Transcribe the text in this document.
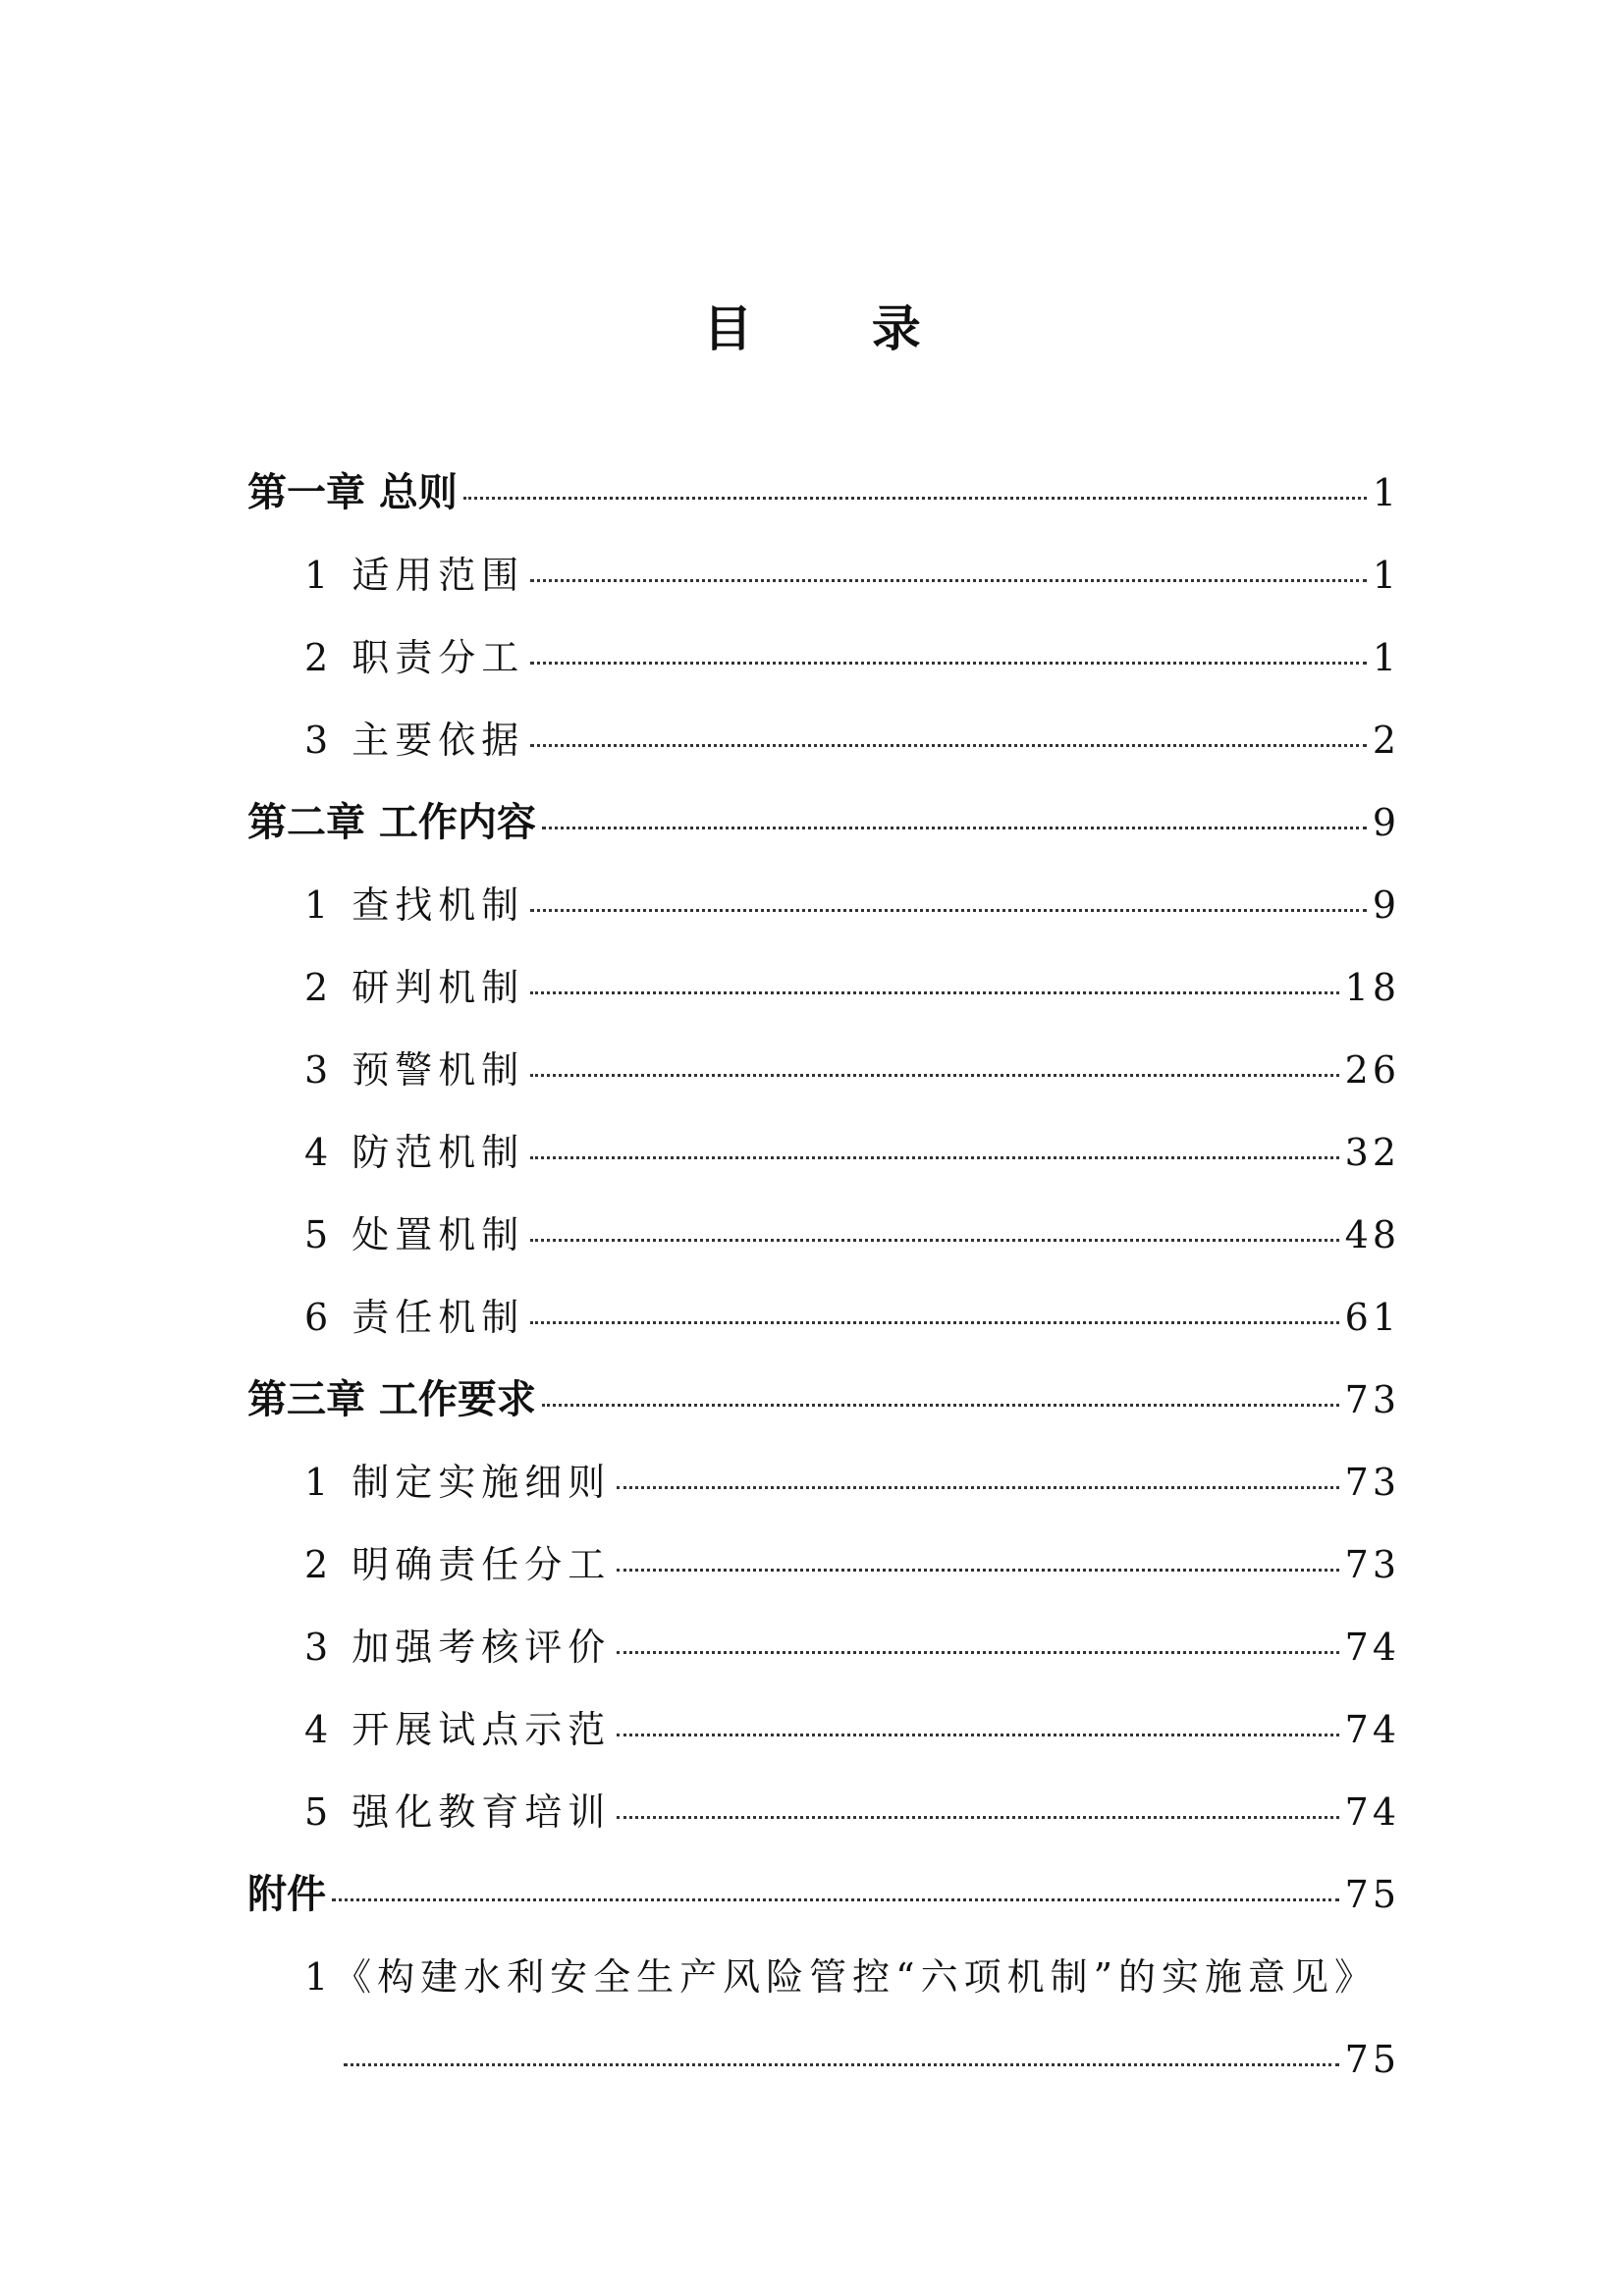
目 录
第一章 总则	1
1 适用范围	1
2 职责分工	1
3 主要依据	2
第二章 工作内容	9
1 查找机制	9
2 研判机制	18
3 预警机制	26
4 防范机制	32
5 处置机制	48
6 责任机制	61
第三章 工作要求	73
1 制定实施细则	73
2 明确责任分工	73
3 加强考核评价	74
4 开展试点示范	74
5 强化教育培训	74
附件	75
1《构建水利安全生产风险管控“六项机制”的实施意见》
75
